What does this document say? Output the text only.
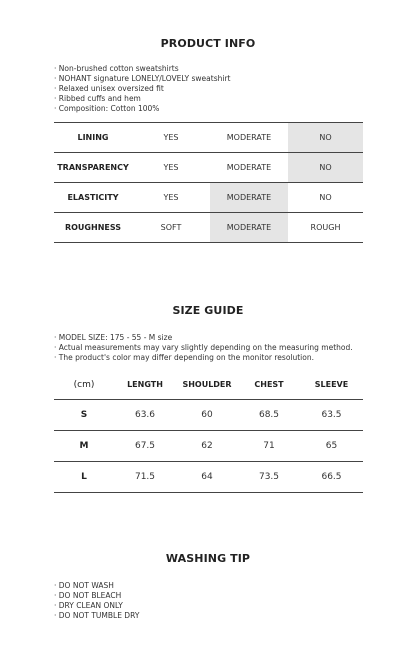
PRODUCT INFO
· Non-brushed cotton sweatshirts
· NOHANT signature LONELY/LOVELY sweatshirt
· Relaxed unisex oversized fit
· Ribbed cuffs and hem
· Composition: Cotton 100%
LINING	YES	MODERATE	NO
TRANSPARENCY	YES	MODERATE	NO
ELASTICITY	YES	MODERATE	NO
ROUGHNESS	SOFT	MODERATE	ROUGH
SIZE GUIDE
· MODEL SIZE: 175 - 55 - M size
· Actual measurements may vary slightly depending on the measuring method.
· The product's color may differ depending on the monitor resolution.
(cm)	LENGTH	SHOULDER	CHEST	SLEEVE
S	63.6	60	68.5	63.5
M	67.5	62	71	65
L	71.5	64	73.5	66.5
WASHING TIP
· DO NOT WASH
· DO NOT BLEACH
· DRY CLEAN ONLY
· DO NOT TUMBLE DRY
